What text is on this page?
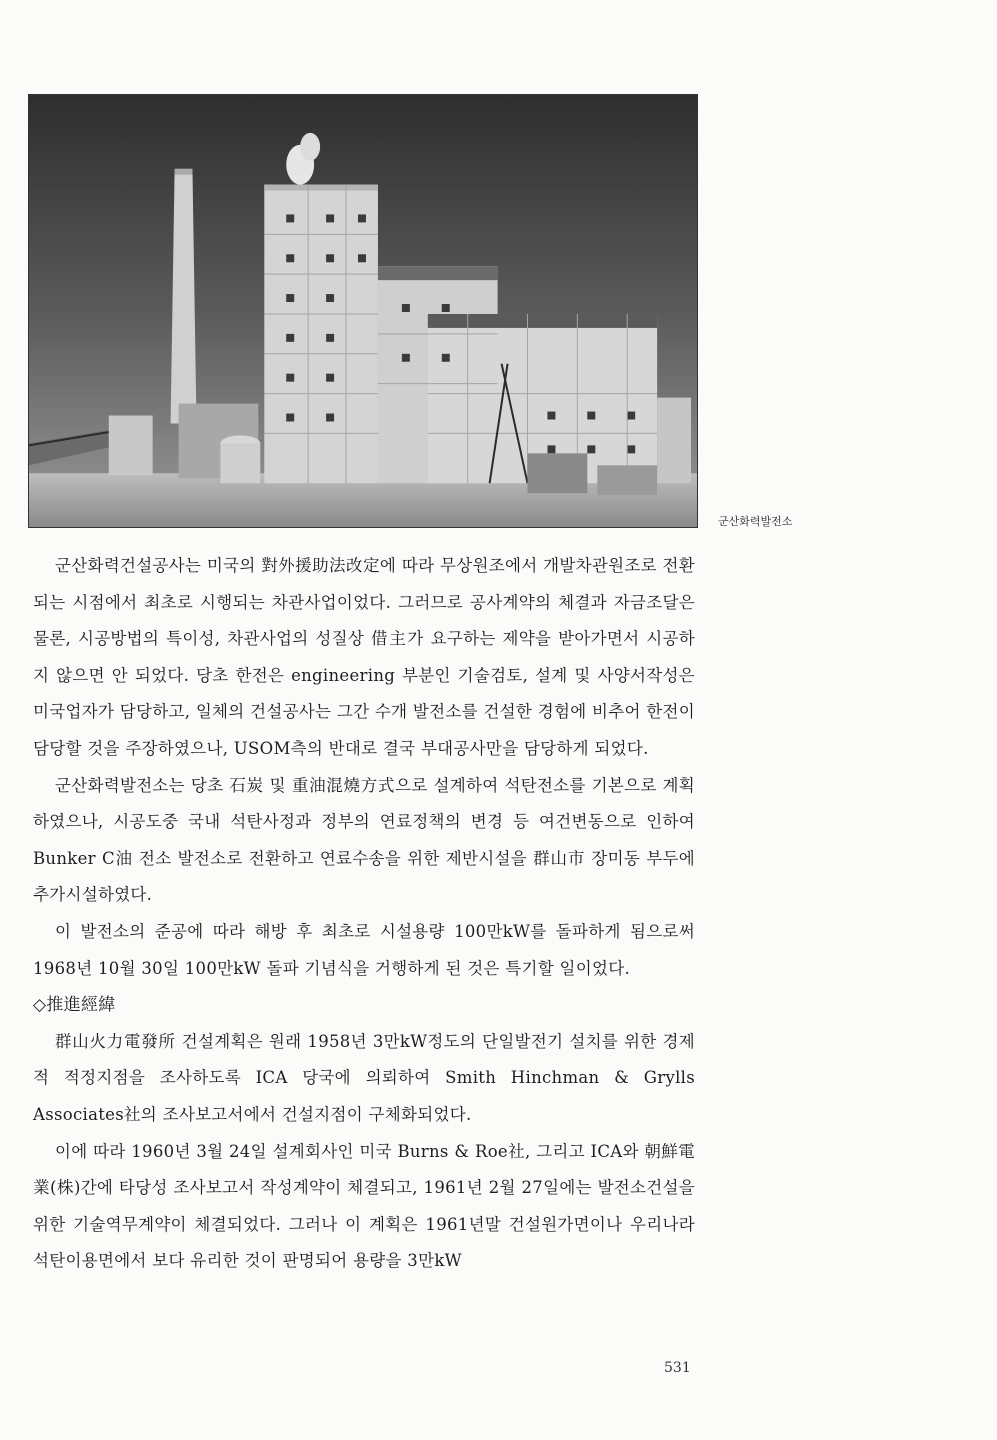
군산화력발전소

군산화력건설공사는 미국의 對外援助法改定에 따라 무상원조에서 개발차관원조로 전환되는 시점에서 최초로 시행되는 차관사업이었다. 그러므로 공사계약의 체결과 자금조달은 물론, 시공방법의 특이성, 차관사업의 성질상 借主가 요구하는 제약을 받아가면서 시공하지 않으면 안 되었다. 당초 한전은 engineering 부분인 기술검토, 설계 및 사양서작성은 미국업자가 담당하고, 일체의 건설공사는 그간 수개 발전소를 건설한 경험에 비추어 한전이 담당할 것을 주장하였으나, USOM측의 반대로 결국 부대공사만을 담당하게 되었다.

군산화력발전소는 당초 石炭 및 重油混燒方式으로 설계하여 석탄전소를 기본으로 계획하였으나, 시공도중 국내 석탄사정과 정부의 연료정책의 변경 등 여건변동으로 인하여 Bunker C油 전소 발전소로 전환하고 연료수송을 위한 제반시설을 群山市 장미동 부두에 추가시설하였다.

이 발전소의 준공에 따라 해방 후 최초로 시설용량 100만kW를 돌파하게 됨으로써 1968년 10월 30일 100만kW 돌파 기념식을 거행하게 된 것은 특기할 일이었다.

◇推進經緯

群山火力電發所 건설계획은 원래 1958년 3만kW정도의 단일발전기 설치를 위한 경제적 적정지점을 조사하도록 ICA 당국에 의뢰하여 Smith Hinchman & Grylls Associates社의 조사보고서에서 건설지점이 구체화되었다.

이에 따라 1960년 3월 24일 설계회사인 미국 Burns & Roe社, 그리고 ICA와 朝鮮電業(株)간에 타당성 조사보고서 작성계약이 체결되고, 1961년 2월 27일에는 발전소건설을 위한 기술역무계약이 체결되었다. 그러나 이 계획은 1961년말 건설원가면이나 우리나라 석탄이용면에서 보다 유리한 것이 판명되어 용량을 3만kW

531
